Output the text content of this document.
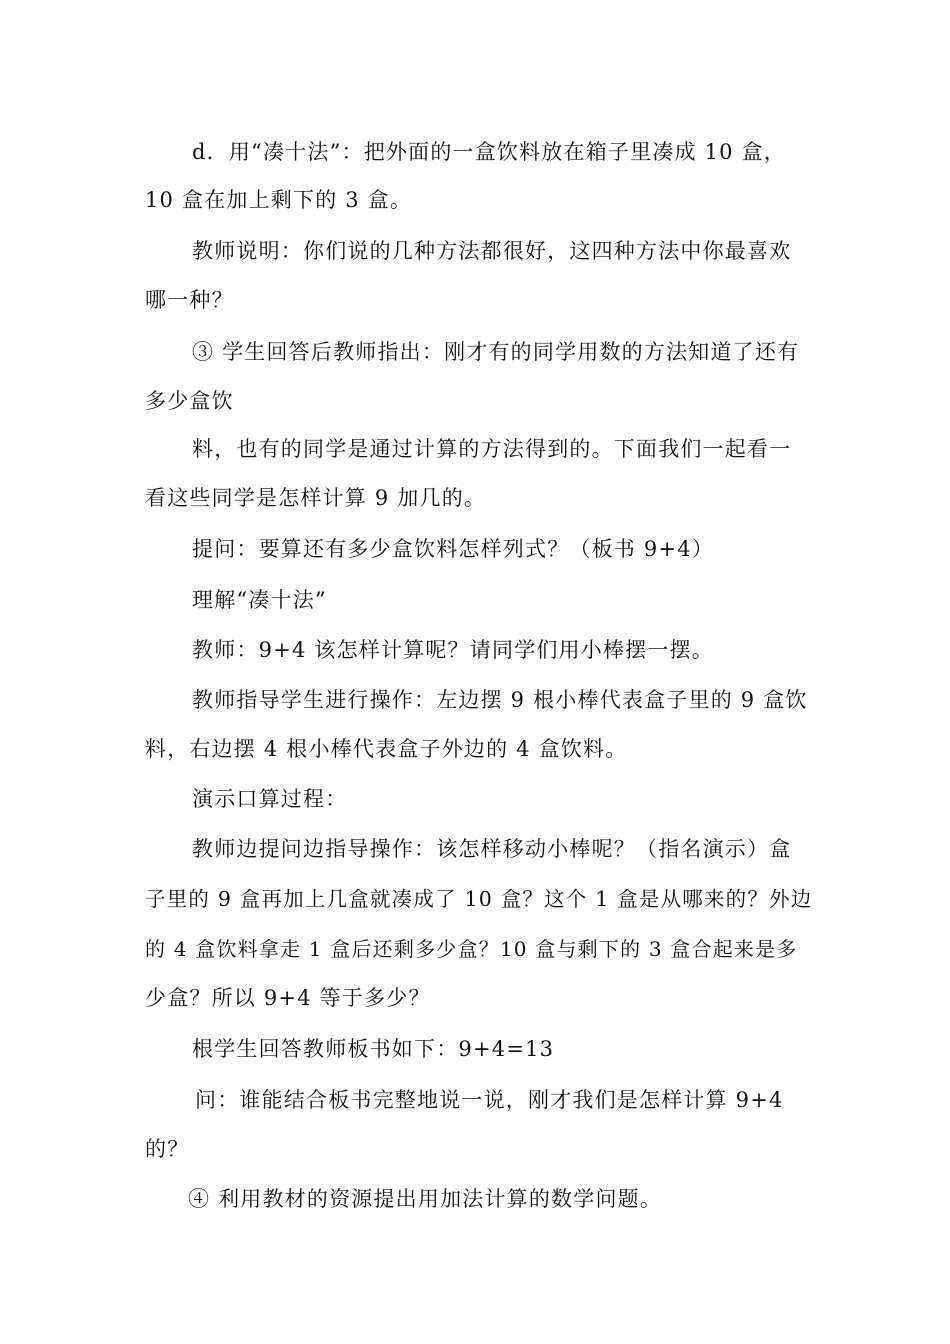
d．用“凑十法”：把外面的一盒饮料放在箱子里凑成 10 盒，
10 盒在加上剩下的 3 盒。
教师说明：你们说的几种方法都很好，这四种方法中你最喜欢
哪一种？
③ 学生回答后教师指出：刚才有的同学用数的方法知道了还有
多少盒饮
料，也有的同学是通过计算的方法得到的。下面我们一起看一
看这些同学是怎样计算 9 加几的。
提问：要算还有多少盒饮料怎样列式？（板书 9+4）
理解“凑十法”
教师：9+4 该怎样计算呢？请同学们用小棒摆一摆。
教师指导学生进行操作：左边摆 9 根小棒代表盒子里的 9 盒饮
料，右边摆 4 根小棒代表盒子外边的 4 盒饮料。
演示口算过程：
教师边提问边指导操作：该怎样移动小棒呢？（指名演示）盒
子里的 9 盒再加上几盒就凑成了 10 盒？这个 1 盒是从哪来的？外边
的 4 盒饮料拿走 1 盒后还剩多少盒？10 盒与剩下的 3 盒合起来是多
少盒？所以 9+4 等于多少？
根学生回答教师板书如下：9+4=13
问：谁能结合板书完整地说一说，刚才我们是怎样计算 9+4
的？
④ 利用教材的资源提出用加法计算的数学问题。
